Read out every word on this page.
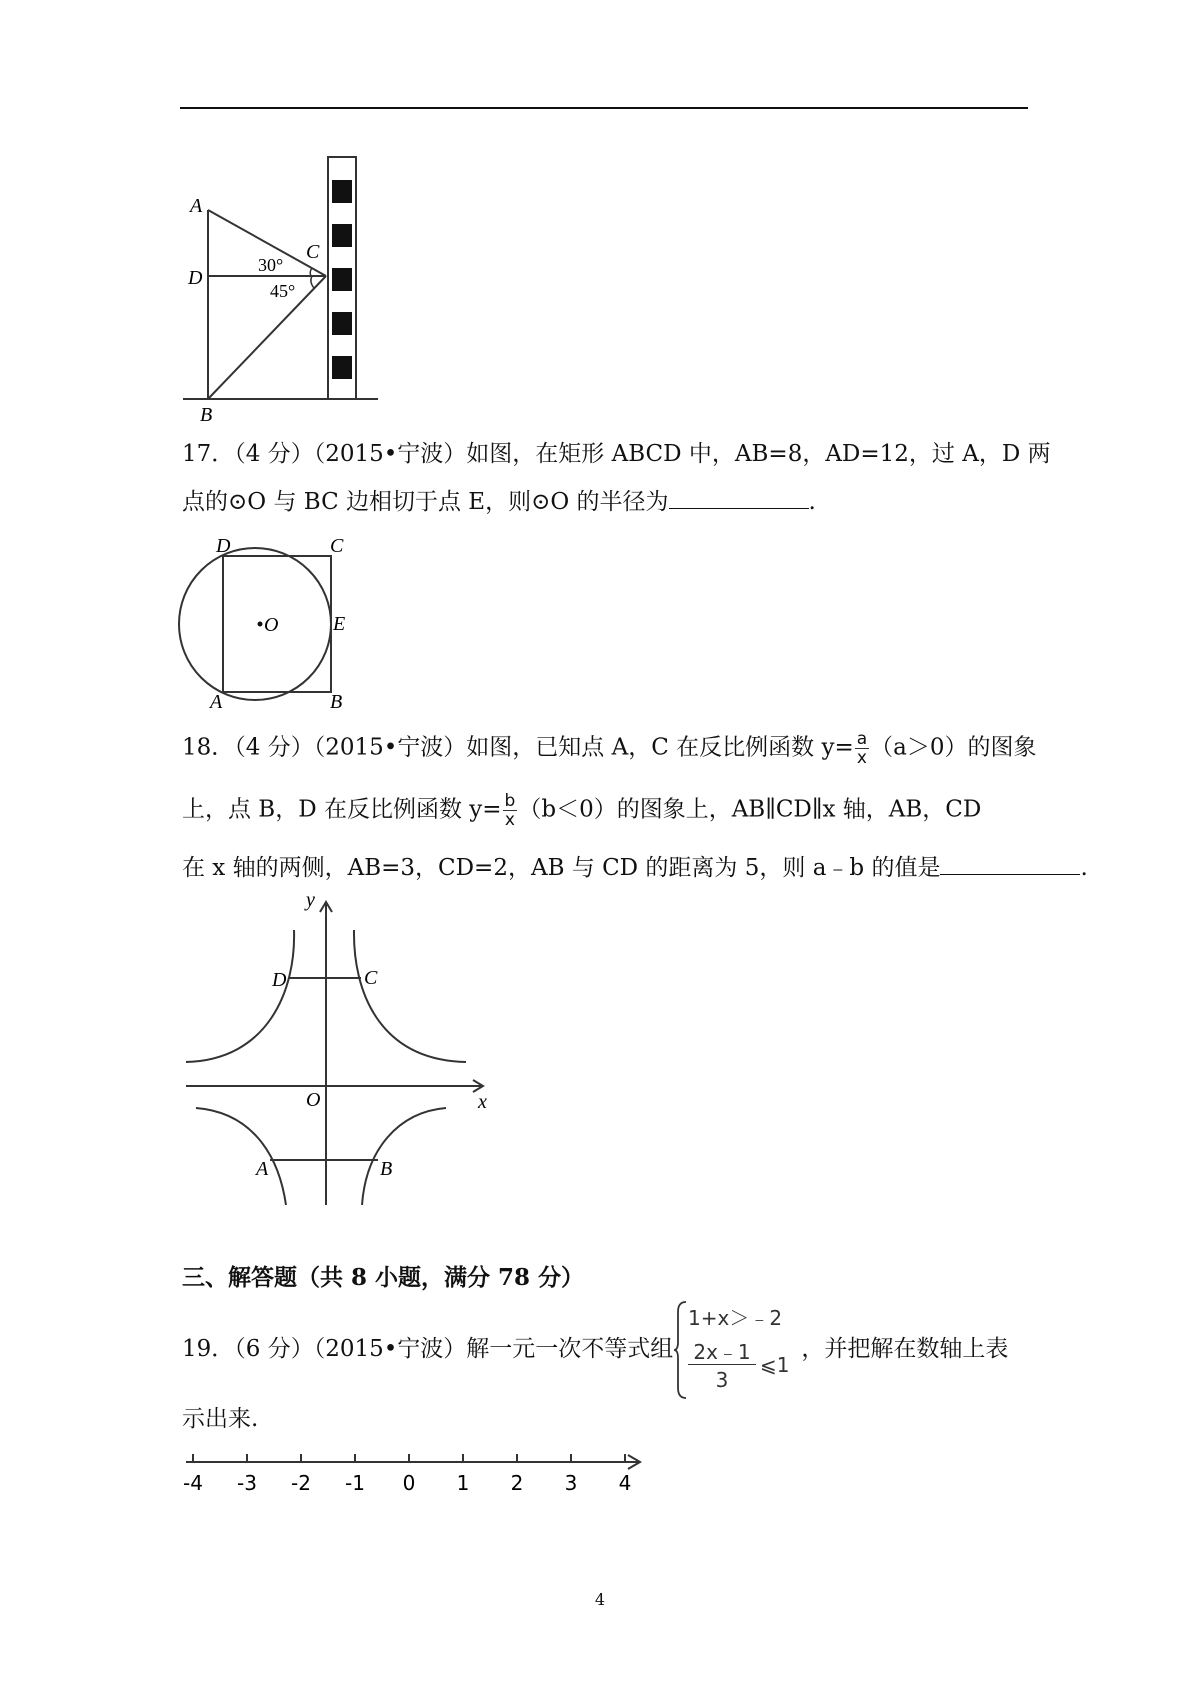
A
D
C
B
30°
45°
17．（4 分）（2015•宁波）如图，在矩形 ABCD 中，AB=8，AD=12，过 A，D 两
点的⊙O 与 BC 边相切于点 E，则⊙O 的半径为	.
D	C
E
O
A	B
18．（4 分）（2015•宁波）如图，已知点 A，C 在反比例函数 $y= \frac{a}{x} (a>0)$的图象
上，点 B，D 在反比例函数 $y= \frac{b}{x} (b<0)$的图象上，AB∥CD∥x 轴，AB，CD
在 x 轴的两侧，AB=3，CD=2，AB 与 CD 的距离为 5，则 a﹣b 的值是	.
y
x
O
D	C
A	B
三、解答题（共 8 小题，满分 78 分）
19．（6 分）（2015•宁波）解一元一次不等式组	，并把解在数轴上表
1+x＞﹣2
2x﹣1
3
⩽1
示出来.
-4 -3 -2 -1 0 1 2 3 4
4
